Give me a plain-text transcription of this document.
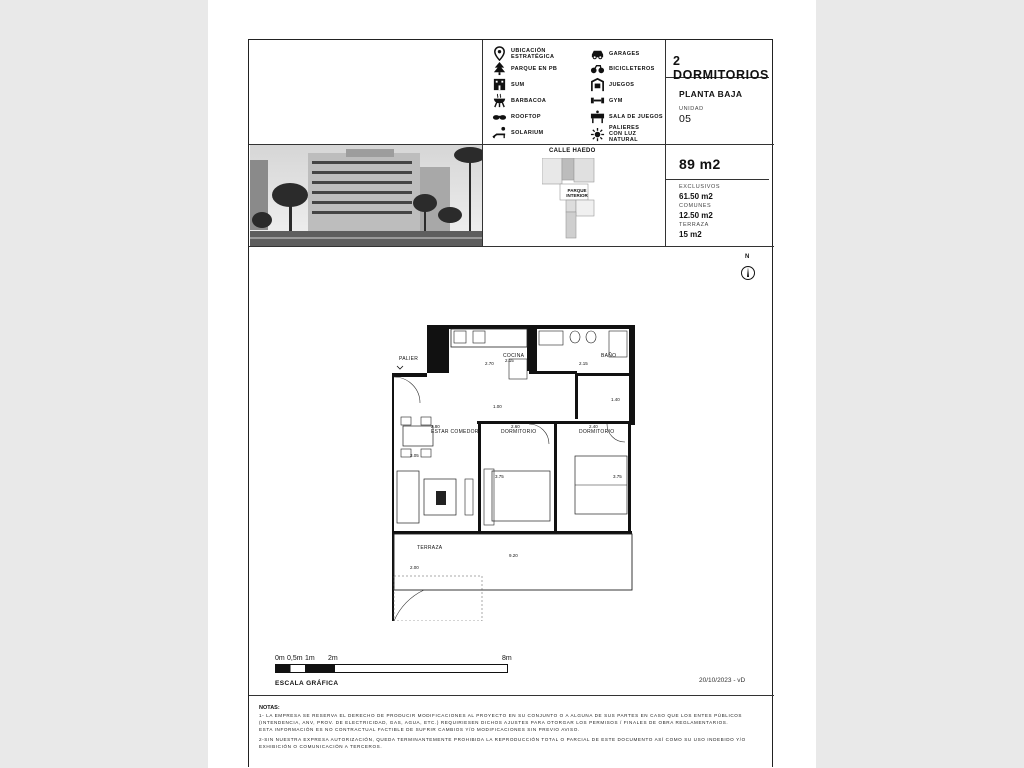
UBICACIÓN ESTRATÉGICA
PARQUE EN PB
SUM
BARBACOA
ROOFTOP
SOLARIUM
GARAGES
BICICLETEROS
JUEGOS
GYM
SALA DE JUEGOS
PALIERES CON LUZ NATURAL
2 DORMITORIOS
PLANTA BAJA
UNIDAD
05
89 m2
EXCLUSIVOS
61.50 m2
COMUNES
12.50 m2
TERRAZA
15 m2
CALLE HAEDO
PARQUE INTERIOR
N
PALIER	COCINA	BAÑO
ESTAR COMEDOR	DORMITORIO	DORMITORIO
TERRAZA
2.70
2.15
2.15
1.00
1.40
2.80	2.60	2.40
3.05
3.75	3.75
9.20
2.00
0m 0,5m 1m 2m	8m
ESCALA GRÁFICA	20/10/2023 - vD
NOTAS:
1- LA EMPRESA SE RESERVA EL DERECHO DE PRODUCIR MODIFICACIONES AL PROYECTO EN SU CONJUNTO O A ALGUNA DE SUS PARTES EN CASO QUE LOS ENTES PÚBLICOS
(INTENDENCIA, ANV, PROV. DE ELECTRICIDAD, GAS, AGUA, ETC.) REQUIRIESEN DICHOS AJUSTES PARA OTORGAR LOS PERMISOS / FINALES DE OBRA REGLAMENTARIOS.
ESTA INFORMACIÓN ES NO CONTRACTUAL FACTIBLE DE SUFRIR CAMBIOS Y/O MODIFICACIONES SIN PREVIO AVISO.
2-SIN NUESTRA EXPRESA AUTORIZACIÓN, QUEDA TERMINANTEMENTE PROHIBIDA LA REPRODUCCIÓN TOTAL O PARCIAL DE ESTE DOCUMENTO ASÍ COMO SU USO INDEBIDO Y/O
EXHIBICIÓN O COMUNICACIÓN A TERCEROS.
